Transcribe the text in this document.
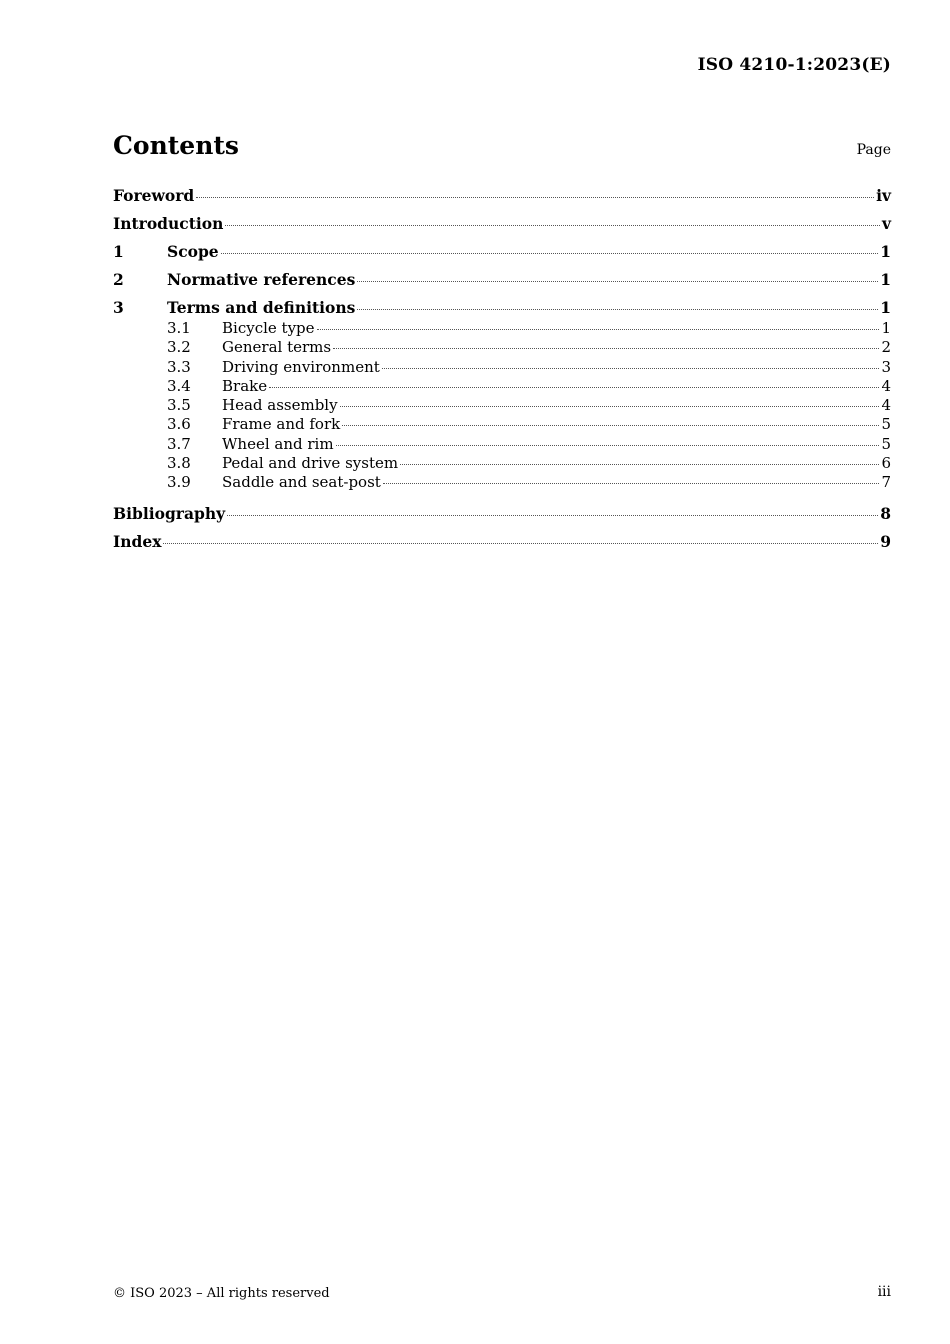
ISO 4210-1:2023(E)
Contents	Page
Foreword	iv
Introduction	v
1	Scope	1
2	Normative references	1
3	Terms and definitions	1
3.1	Bicycle type	1
3.2	General terms	2
3.3	Driving environment	3
3.4	Brake	4
3.5	Head assembly	4
3.6	Frame and fork	5
3.7	Wheel and rim	5
3.8	Pedal and drive system	6
3.9	Saddle and seat-post	7
Bibliography	8
Index	9
© ISO 2023 – All rights reserved	iii
